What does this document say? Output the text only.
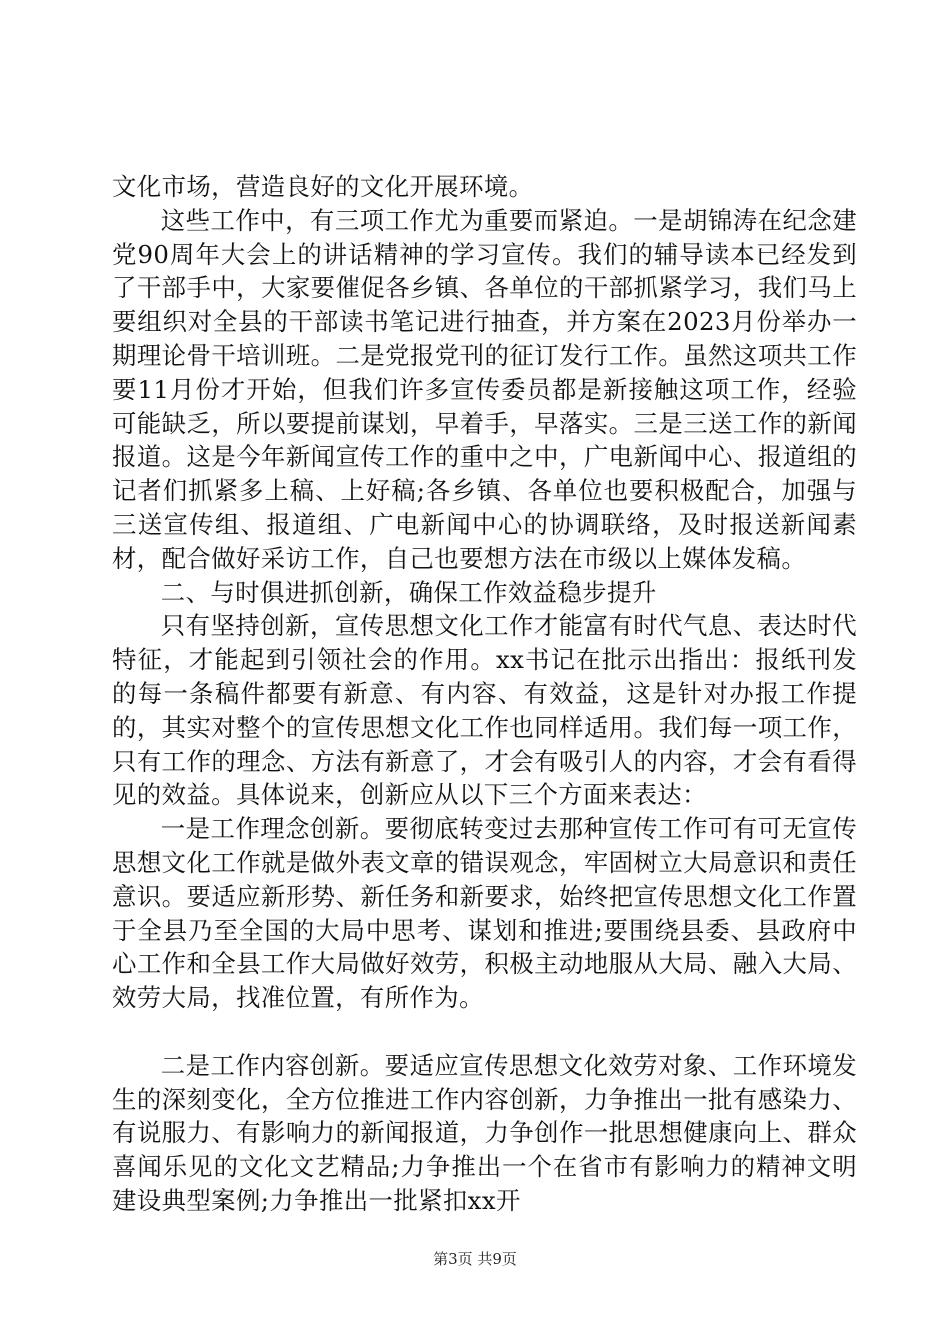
文化市场，营造良好的文化开展环境。

这些工作中，有三项工作尤为重要而紧迫。一是胡锦涛在纪念建党90周年大会上的讲话精神的学习宣传。我们的辅导读本已经发到了干部手中，大家要催促各乡镇、各单位的干部抓紧学习，我们马上要组织对全县的干部读书笔记进行抽查，并方案在2023月份举办一期理论骨干培训班。二是党报党刊的征订发行工作。虽然这项共工作要11月份才开始，但我们许多宣传委员都是新接触这项工作，经验可能缺乏，所以要提前谋划，早着手，早落实。三是三送工作的新闻报道。这是今年新闻宣传工作的重中之中，广电新闻中心、报道组的记者们抓紧多上稿、上好稿;各乡镇、各单位也要积极配合，加强与三送宣传组、报道组、广电新闻中心的协调联络，及时报送新闻素材，配合做好采访工作，自己也要想方法在市级以上媒体发稿。

二、与时俱进抓创新，确保工作效益稳步提升

只有坚持创新，宣传思想文化工作才能富有时代气息、表达时代特征，才能起到引领社会的作用。xx书记在批示出指出：报纸刊发的每一条稿件都要有新意、有内容、有效益，这是针对办报工作提的，其实对整个的宣传思想文化工作也同样适用。我们每一项工作，只有工作的理念、方法有新意了，才会有吸引人的内容，才会有看得见的效益。具体说来，创新应从以下三个方面来表达：

一是工作理念创新。要彻底转变过去那种宣传工作可有可无宣传思想文化工作就是做外表文章的错误观念，牢固树立大局意识和责任意识。要适应新形势、新任务和新要求，始终把宣传思想文化工作置于全县乃至全国的大局中思考、谋划和推进;要围绕县委、县政府中心工作和全县工作大局做好效劳，积极主动地服从大局、融入大局、效劳大局，找准位置，有所作为。

二是工作内容创新。要适应宣传思想文化效劳对象、工作环境发生的深刻变化，全方位推进工作内容创新，力争推出一批有感染力、有说服力、有影响力的新闻报道，力争创作一批思想健康向上、群众喜闻乐见的文化文艺精品;力争推出一个在省市有影响力的精神文明建设典型案例;力争推出一批紧扣xx开

第3页 共9页
